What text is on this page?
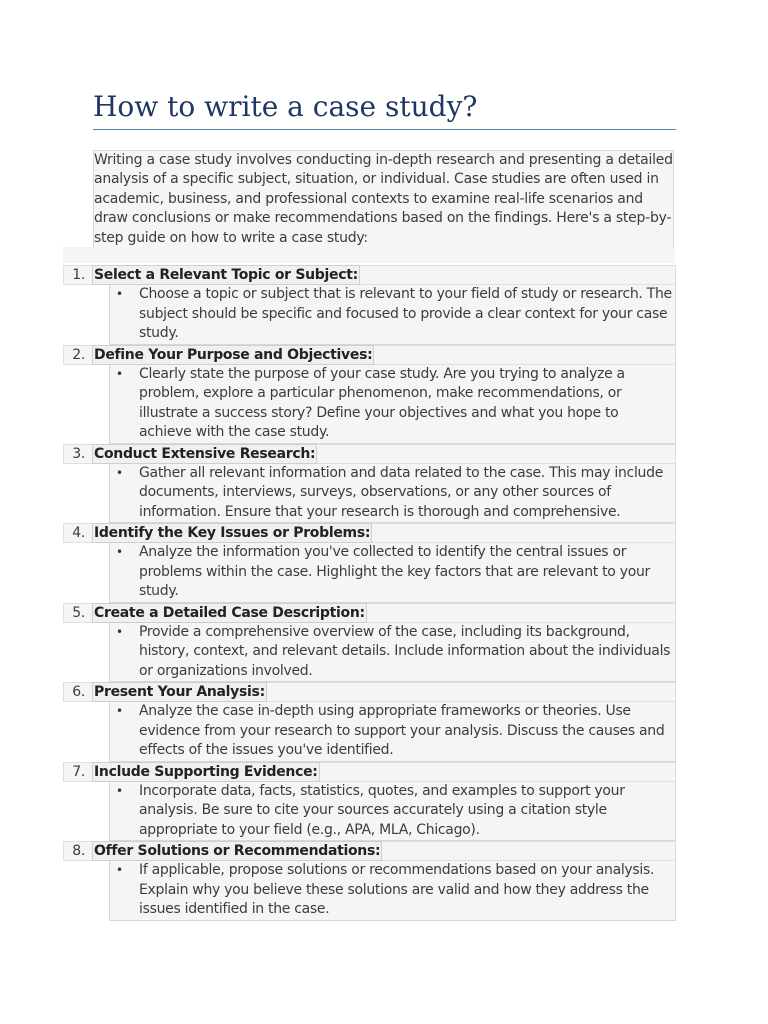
How to write a case study?
Writing a case study involves conducting in-depth research and presenting a detailed analysis of a specific subject, situation, or individual. Case studies are often used in academic, business, and professional contexts to examine real-life scenarios and draw conclusions or make recommendations based on the findings. Here's a step-by-step guide on how to write a case study:
1. Select a Relevant Topic or Subject:
•	Choose a topic or subject that is relevant to your field of study or research. The subject should be specific and focused to provide a clear context for your case study.
2. Define Your Purpose and Objectives:
•	Clearly state the purpose of your case study. Are you trying to analyze a problem, explore a particular phenomenon, make recommendations, or illustrate a success story? Define your objectives and what you hope to achieve with the case study.
3. Conduct Extensive Research:
•	Gather all relevant information and data related to the case. This may include documents, interviews, surveys, observations, or any other sources of information. Ensure that your research is thorough and comprehensive.
4. Identify the Key Issues or Problems:
•	Analyze the information you've collected to identify the central issues or problems within the case. Highlight the key factors that are relevant to your study.
5. Create a Detailed Case Description:
•	Provide a comprehensive overview of the case, including its background, history, context, and relevant details. Include information about the individuals or organizations involved.
6. Present Your Analysis:
•	Analyze the case in-depth using appropriate frameworks or theories. Use evidence from your research to support your analysis. Discuss the causes and effects of the issues you've identified.
7. Include Supporting Evidence:
•	Incorporate data, facts, statistics, quotes, and examples to support your analysis. Be sure to cite your sources accurately using a citation style appropriate to your field (e.g., APA, MLA, Chicago).
8. Offer Solutions or Recommendations:
•	If applicable, propose solutions or recommendations based on your analysis. Explain why you believe these solutions are valid and how they address the issues identified in the case.
